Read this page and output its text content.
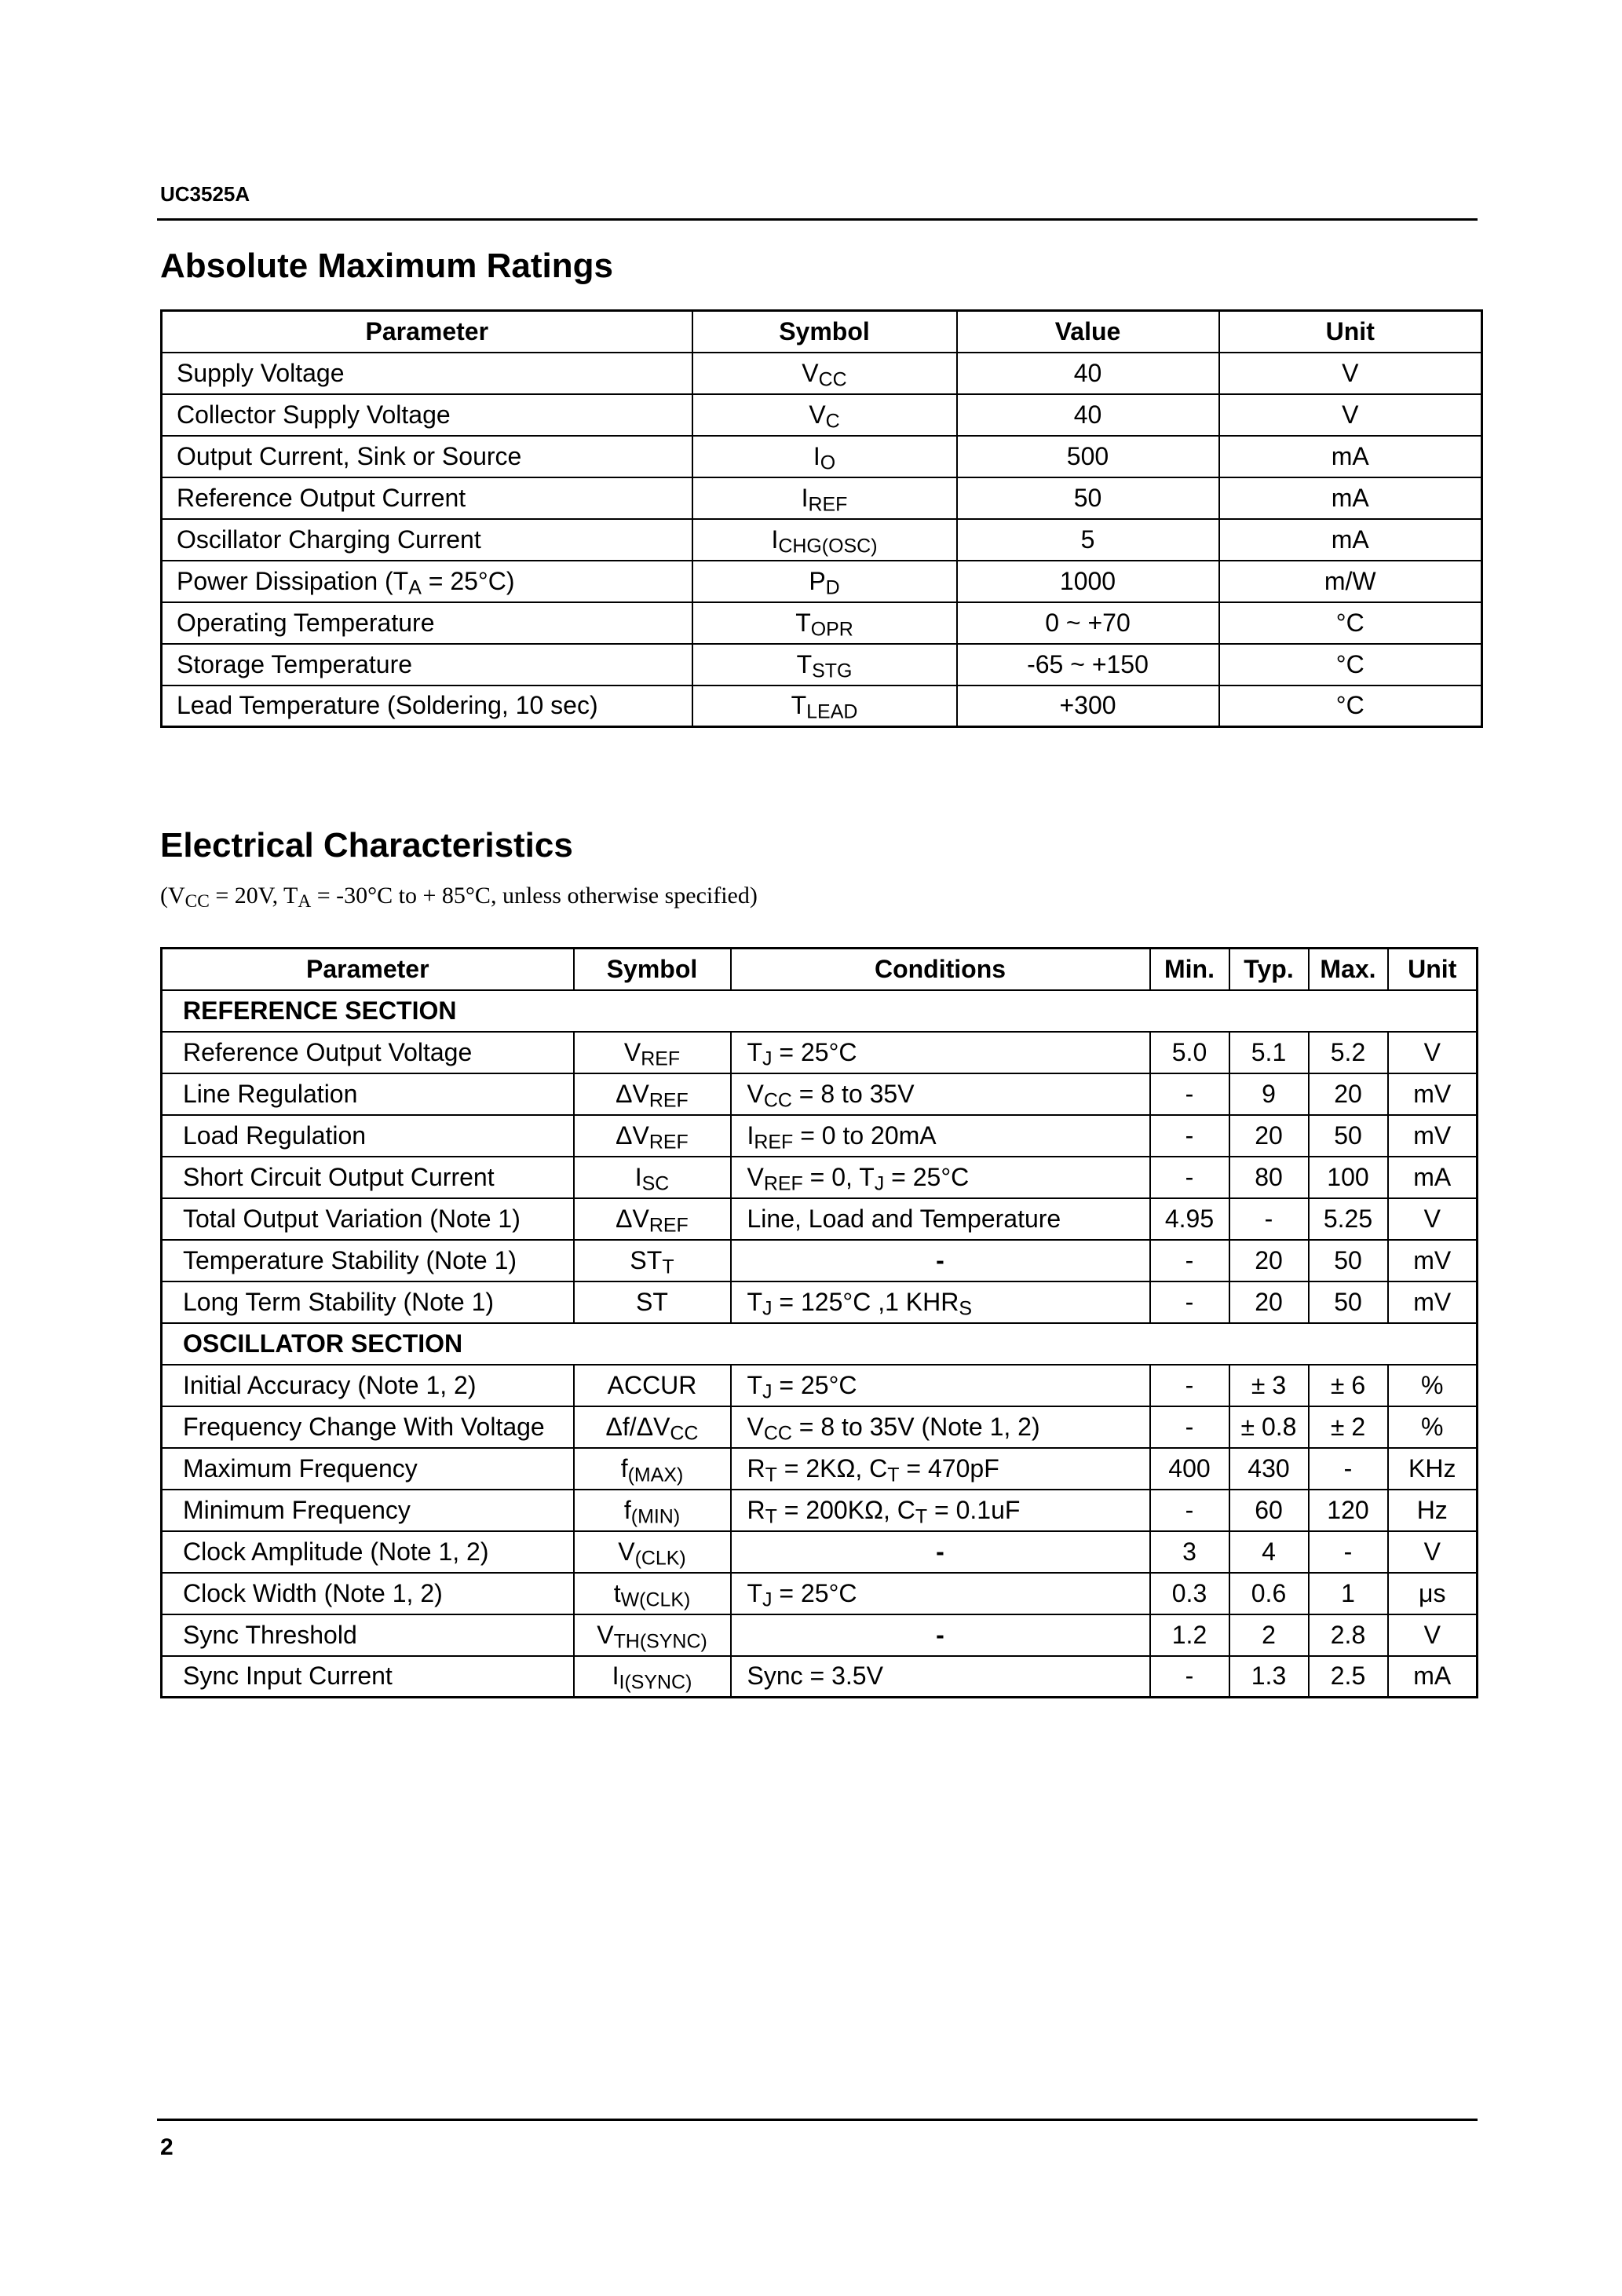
UC3525A
Absolute Maximum Ratings
Parameter	Symbol	Value	Unit
Supply Voltage	$V_{CC}$	40	V
Collector Supply Voltage	$V_C$	40	V
Output Current, Sink or Source	$I_O$	500	mA
Reference Output Current	$I_{REF}$	50	mA
Oscillator Charging Current	$I_{CHG(OSC)}$	5	mA
Power Dissipation $(T_A = 25^\circ C)$	$P_D$	1000	m/W
Operating Temperature	$T_{OPR}$	0 ~ +70	°C
Storage Temperature	$T_{STG}$	-65 ~ +150	°C
Lead Temperature (Soldering, 10 sec)	$T_{LEAD}$	+300	°C
Electrical Characteristics
($V_{CC} = 20V$, $T_A = -30^\circ C$ to + 85°C, unless otherwise specified)
Parameter	Symbol	Conditions	Min.	Typ.	Max.	Unit
REFERENCE SECTION						
Reference Output Voltage	$V_{REF}$	$T_J = 25^\circ C$	5.0	5.1	5.2	V
Line Regulation	$\Delta V_{REF}$	$V_{CC} = 8$ to 35V	-	9	20	mV
Load Regulation	$\Delta V_{REF}$	$I_{REF} = 0$ to 20mA	-	20	50	mV
Short Circuit Output Current	$I_{SC}$	$V_{REF} = 0$, $T_J = 25^\circ C$	-	80	100	mA
Total Output Variation (Note 1)	$\Delta V_{REF}$	Line, Load and Temperature	4.95	-	5.25	V
Temperature Stability (Note 1)	$ST_T$	-	-	20	50	mV
Long Term Stability (Note 1)	ST	$T_J = 125^\circ C$ ,1 $KHR_S$	-	20	50	mV
OSCILLATOR SECTION						
Initial Accuracy (Note 1, 2)	ACCUR	$T_J = 25^\circ C$	-	± 3	± 6	%
Frequency Change With Voltage	$\Delta f/\Delta V_{CC}$	$V_{CC} = 8$ to 35V (Note 1, 2)	-	± 0.8	± 2	%
Maximum Frequency	$f_{(MAX)}$	$R_T = 2K\Omega$, $C_T = 470pF$	400	430	-	KHz
Minimum Frequency	$f_{(MIN)}$	$R_T = 200K\Omega$, $C_T = 0.1uF$	-	60	120	Hz
Clock Amplitude (Note 1, 2)	$V_{(CLK)}$	-	3	4	-	V
Clock Width (Note 1, 2)	$t_{W(CLK)}$	$T_J = 25^\circ C$	0.3	0.6	1	μs
Sync Threshold	$V_{TH(SYNC)}$	-	1.2	2	2.8	V
Sync Input Current	$I_{I(SYNC)}$	Sync = 3.5V	-	1.3	2.5	mA
2
